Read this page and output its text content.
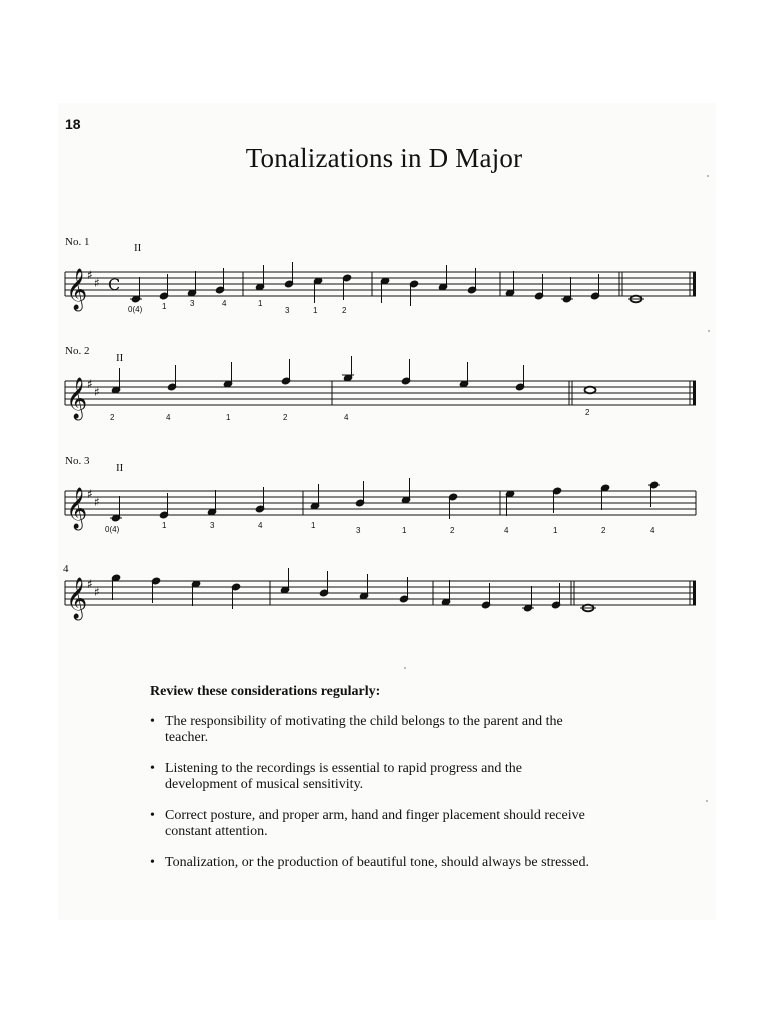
18
Tonalizations in D Major
No. 1	II
No. 2
II
No. 3
II
4
𝄞 ♯
♯ C
0(4) 1	3	4	1
3	1	2
𝄞 ♯
♯
2	4	1	2	4
2
𝄞 ♯
♯
0(4)	1	3	4	1
3	1	2	4	1	2	4
𝄞 ♯
♯

Review these considerations regularly:

• The responsibility of motivating the child belongs to the parent and the teacher.
• Listening to the recordings is essential to rapid progress and the development of musical sensitivity.
• Correct posture, and proper arm, hand and finger placement should receive constant attention.
• Tonalization, or the production of beautiful tone, should always be stressed.
